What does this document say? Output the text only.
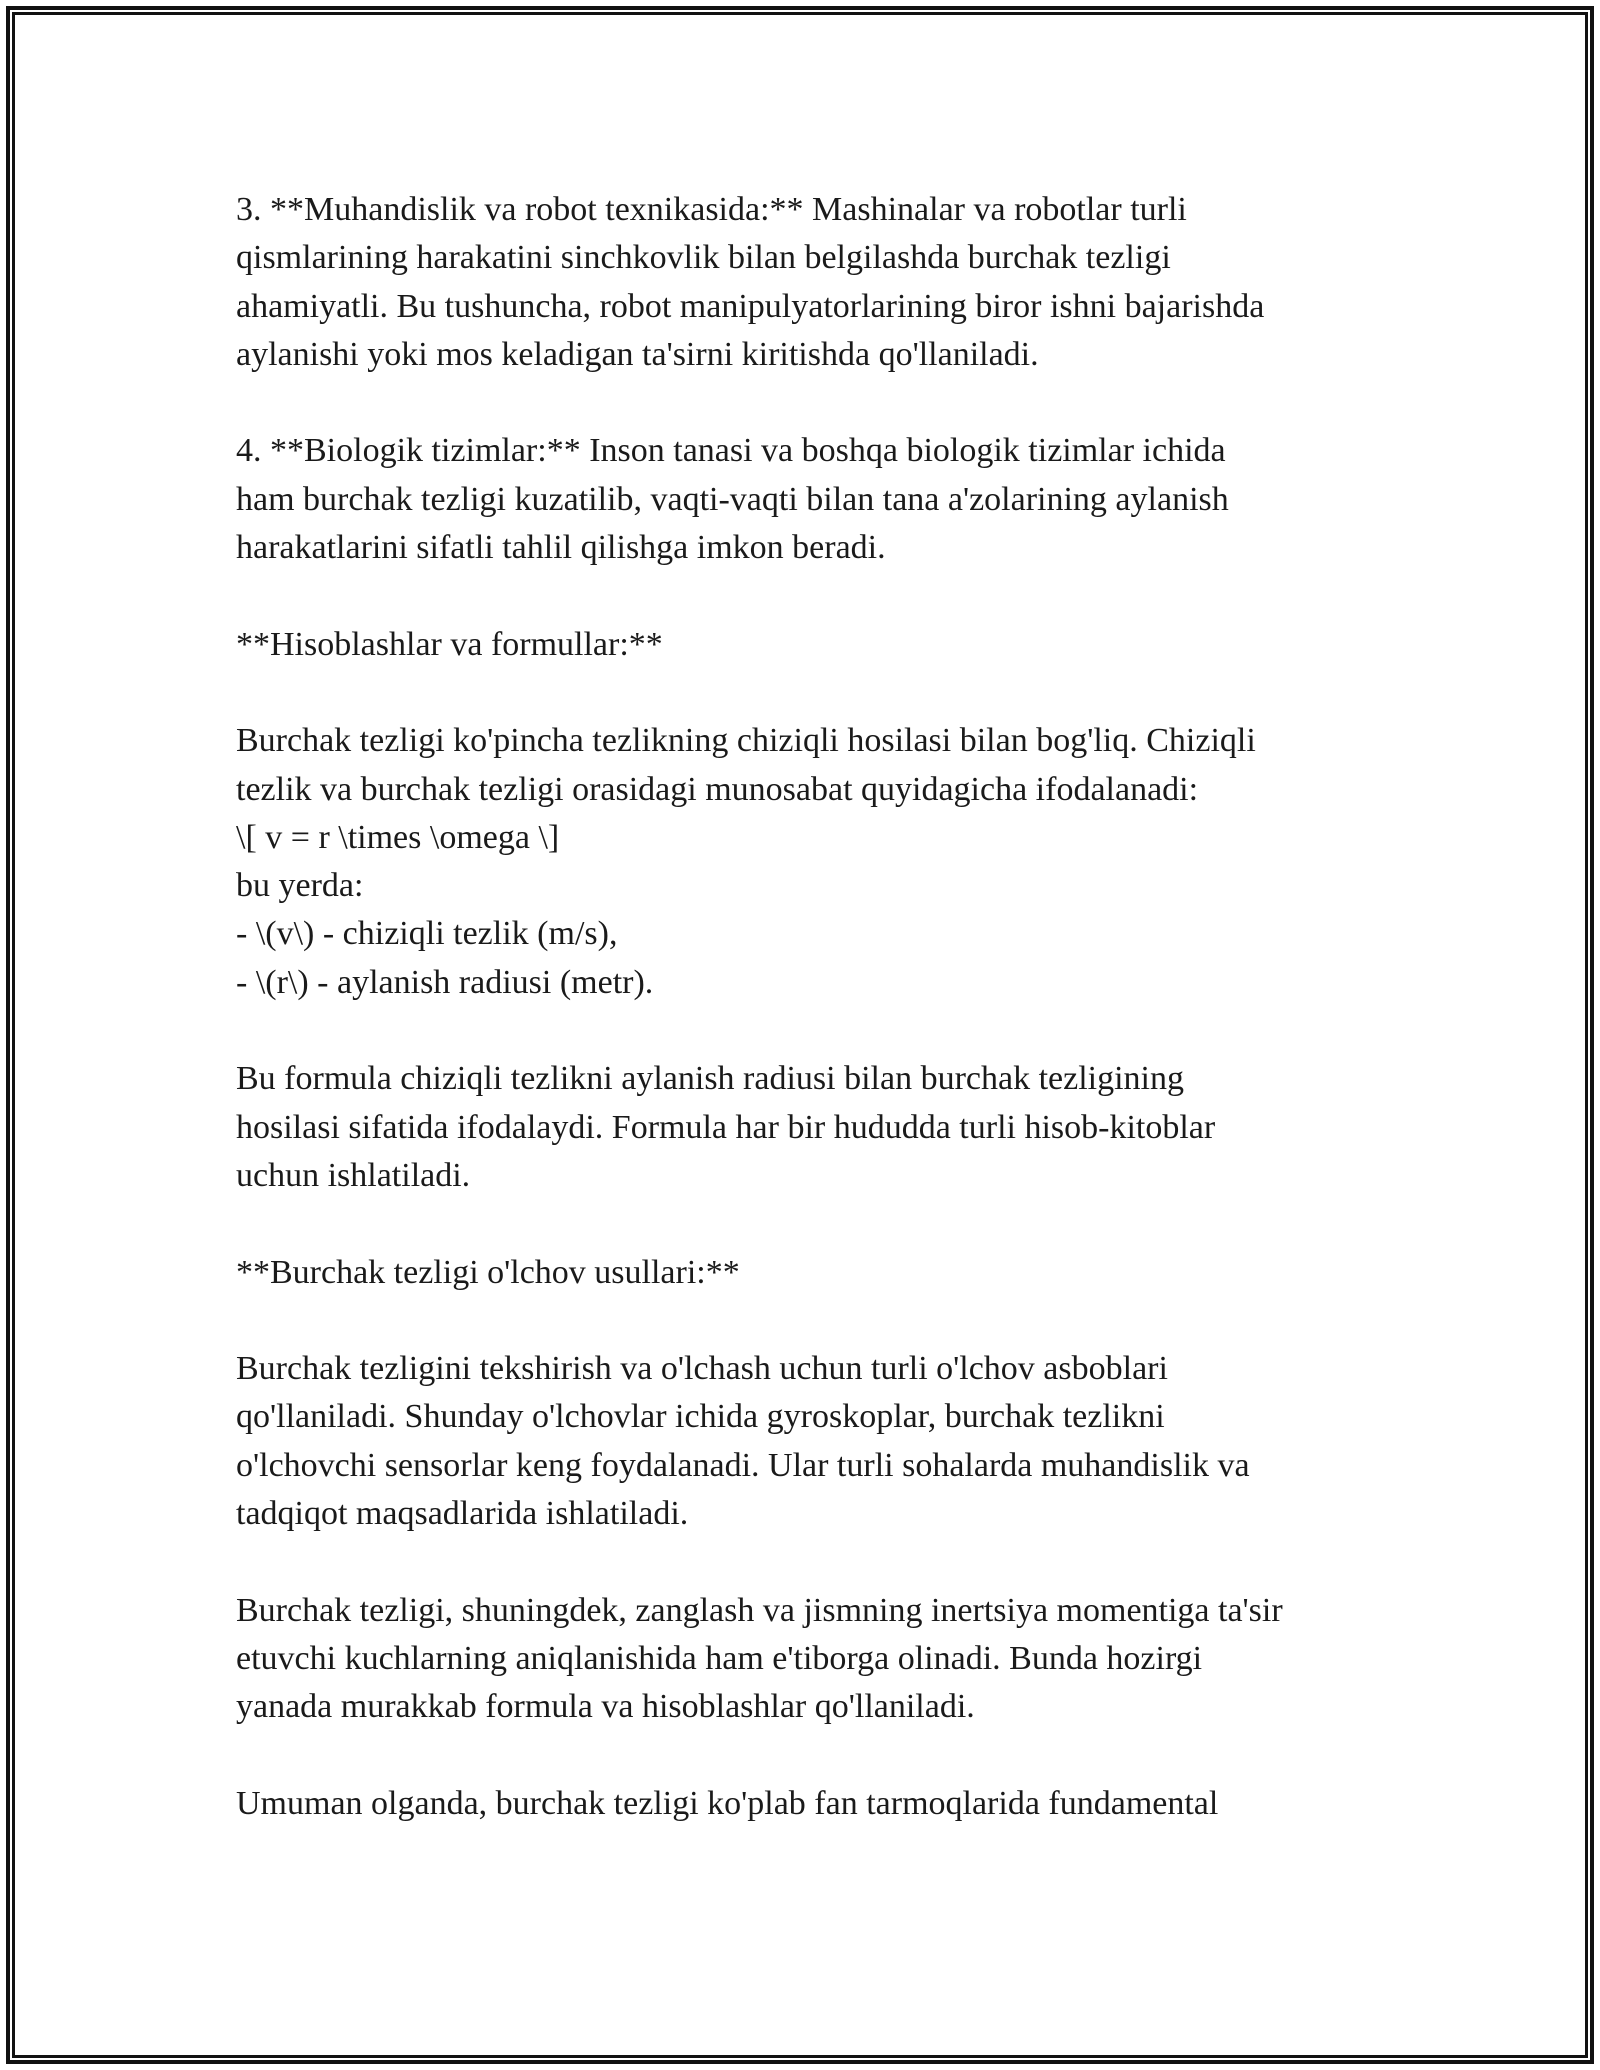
3. **Muhandislik va robot texnikasida:** Mashinalar va robotlar turli
qismlarining harakatini sinchkovlik bilan belgilashda burchak tezligi
ahamiyatli. Bu tushuncha, robot manipulyatorlarining biror ishni bajarishda
aylanishi yoki mos keladigan ta'sirni kiritishda qo'llaniladi.

4. **Biologik tizimlar:** Inson tanasi va boshqa biologik tizimlar ichida
ham burchak tezligi kuzatilib, vaqti-vaqti bilan tana a'zolarining aylanish
harakatlarini sifatli tahlil qilishga imkon beradi.

**Hisoblashlar va formullar:**

Burchak tezligi ko'pincha tezlikning chiziqli hosilasi bilan bog'liq. Chiziqli
tezlik va burchak tezligi orasidagi munosabat quyidagicha ifodalanadi:
\[ v = r \times \omega \]
bu yerda:
- \(v\) - chiziqli tezlik (m/s),
- \(r\) - aylanish radiusi (metr).

Bu formula chiziqli tezlikni aylanish radiusi bilan burchak tezligining
hosilasi sifatida ifodalaydi. Formula har bir hududda turli hisob-kitoblar
uchun ishlatiladi.

**Burchak tezligi o'lchov usullari:**

Burchak tezligini tekshirish va o'lchash uchun turli o'lchov asboblari
qo'llaniladi. Shunday o'lchovlar ichida gyroskoplar, burchak tezlikni
o'lchovchi sensorlar keng foydalanadi. Ular turli sohalarda muhandislik va
tadqiqot maqsadlarida ishlatiladi.

Burchak tezligi, shuningdek, zanglash va jismning inertsiya momentiga ta'sir
etuvchi kuchlarning aniqlanishida ham e'tiborga olinadi. Bunda hozirgi
yanada murakkab formula va hisoblashlar qo'llaniladi.

Umuman olganda, burchak tezligi ko'plab fan tarmoqlarida fundamental
